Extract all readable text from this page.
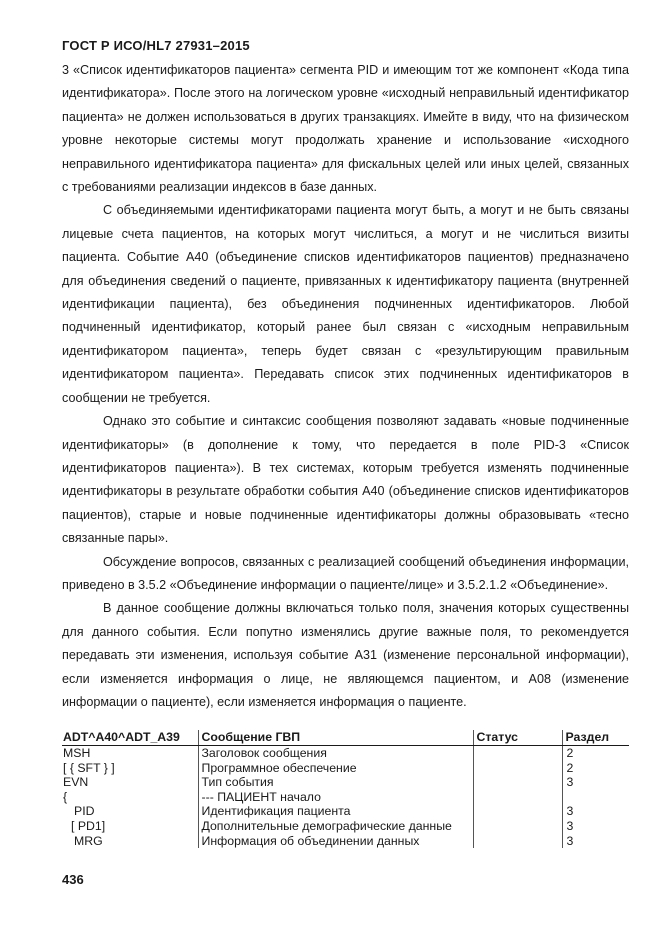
ГОСТ Р ИСО/HL7 27931–2015

3 «Список идентификаторов пациента» сегмента PID и имеющим тот же компонент «Кода типа идентификатора». После этого на логическом уровне «исходный неправильный идентификатор пациента» не должен использоваться в других транзакциях. Имейте в виду, что на физическом уровне некоторые системы могут продолжать хранение и использование «исходного неправильного идентификатора пациента» для фискальных целей или иных целей, связанных с требованиями реализации индексов в базе данных.

С объединяемыми идентификаторами пациента могут быть, а могут и не быть связаны лицевые счета пациентов, на которых могут числиться, а могут и не числиться визиты пациента. Событие А40 (объединение списков идентификаторов пациентов) предназначено для объединения сведений о пациенте, привязанных к идентификатору пациента (внутренней идентификации пациента), без объединения подчиненных идентификаторов. Любой подчиненный идентификатор, который ранее был связан с «исходным неправильным идентификатором пациента», теперь будет связан с «результирующим правильным идентификатором пациента». Передавать список этих подчиненных идентификаторов в сообщении не требуется.

Однако это событие и синтаксис сообщения позволяют задавать «новые подчиненные идентификаторы» (в дополнение к тому, что передается в поле PID-3 «Список идентификаторов пациента»). В тех системах, которым требуется изменять подчиненные идентификаторы в результате обработки события А40 (объединение списков идентификаторов пациентов), старые и новые подчиненные идентификаторы должны образовывать «тесно связанные пары».

Обсуждение вопросов, связанных с реализацией сообщений объединения информации, приведено в 3.5.2 «Объединение информации о пациенте/лице» и 3.5.2.1.2 «Объединение».

В данное сообщение должны включаться только поля, значения которых существенны для данного события. Если попутно изменялись другие важные поля, то рекомендуется передавать эти изменения, используя событие А31 (изменение персональной информации), если изменяется информация о лице, не являющемся пациентом, и А08 (изменение информации о пациенте), если изменяется информация о пациенте.

ADT^A40^ADT_A39	Сообщение ГВП	Статус	Раздел
MSH	Заголовок сообщения		2
[ { SFT } ]	Программное обеспечение		2
EVN	Тип события		3
{	--- ПАЦИЕНТ начало		
PID	Идентификация пациента		3
[ PD1]	Дополнительные демографические данные		3
MRG	Информация об объединении данных		3
436
